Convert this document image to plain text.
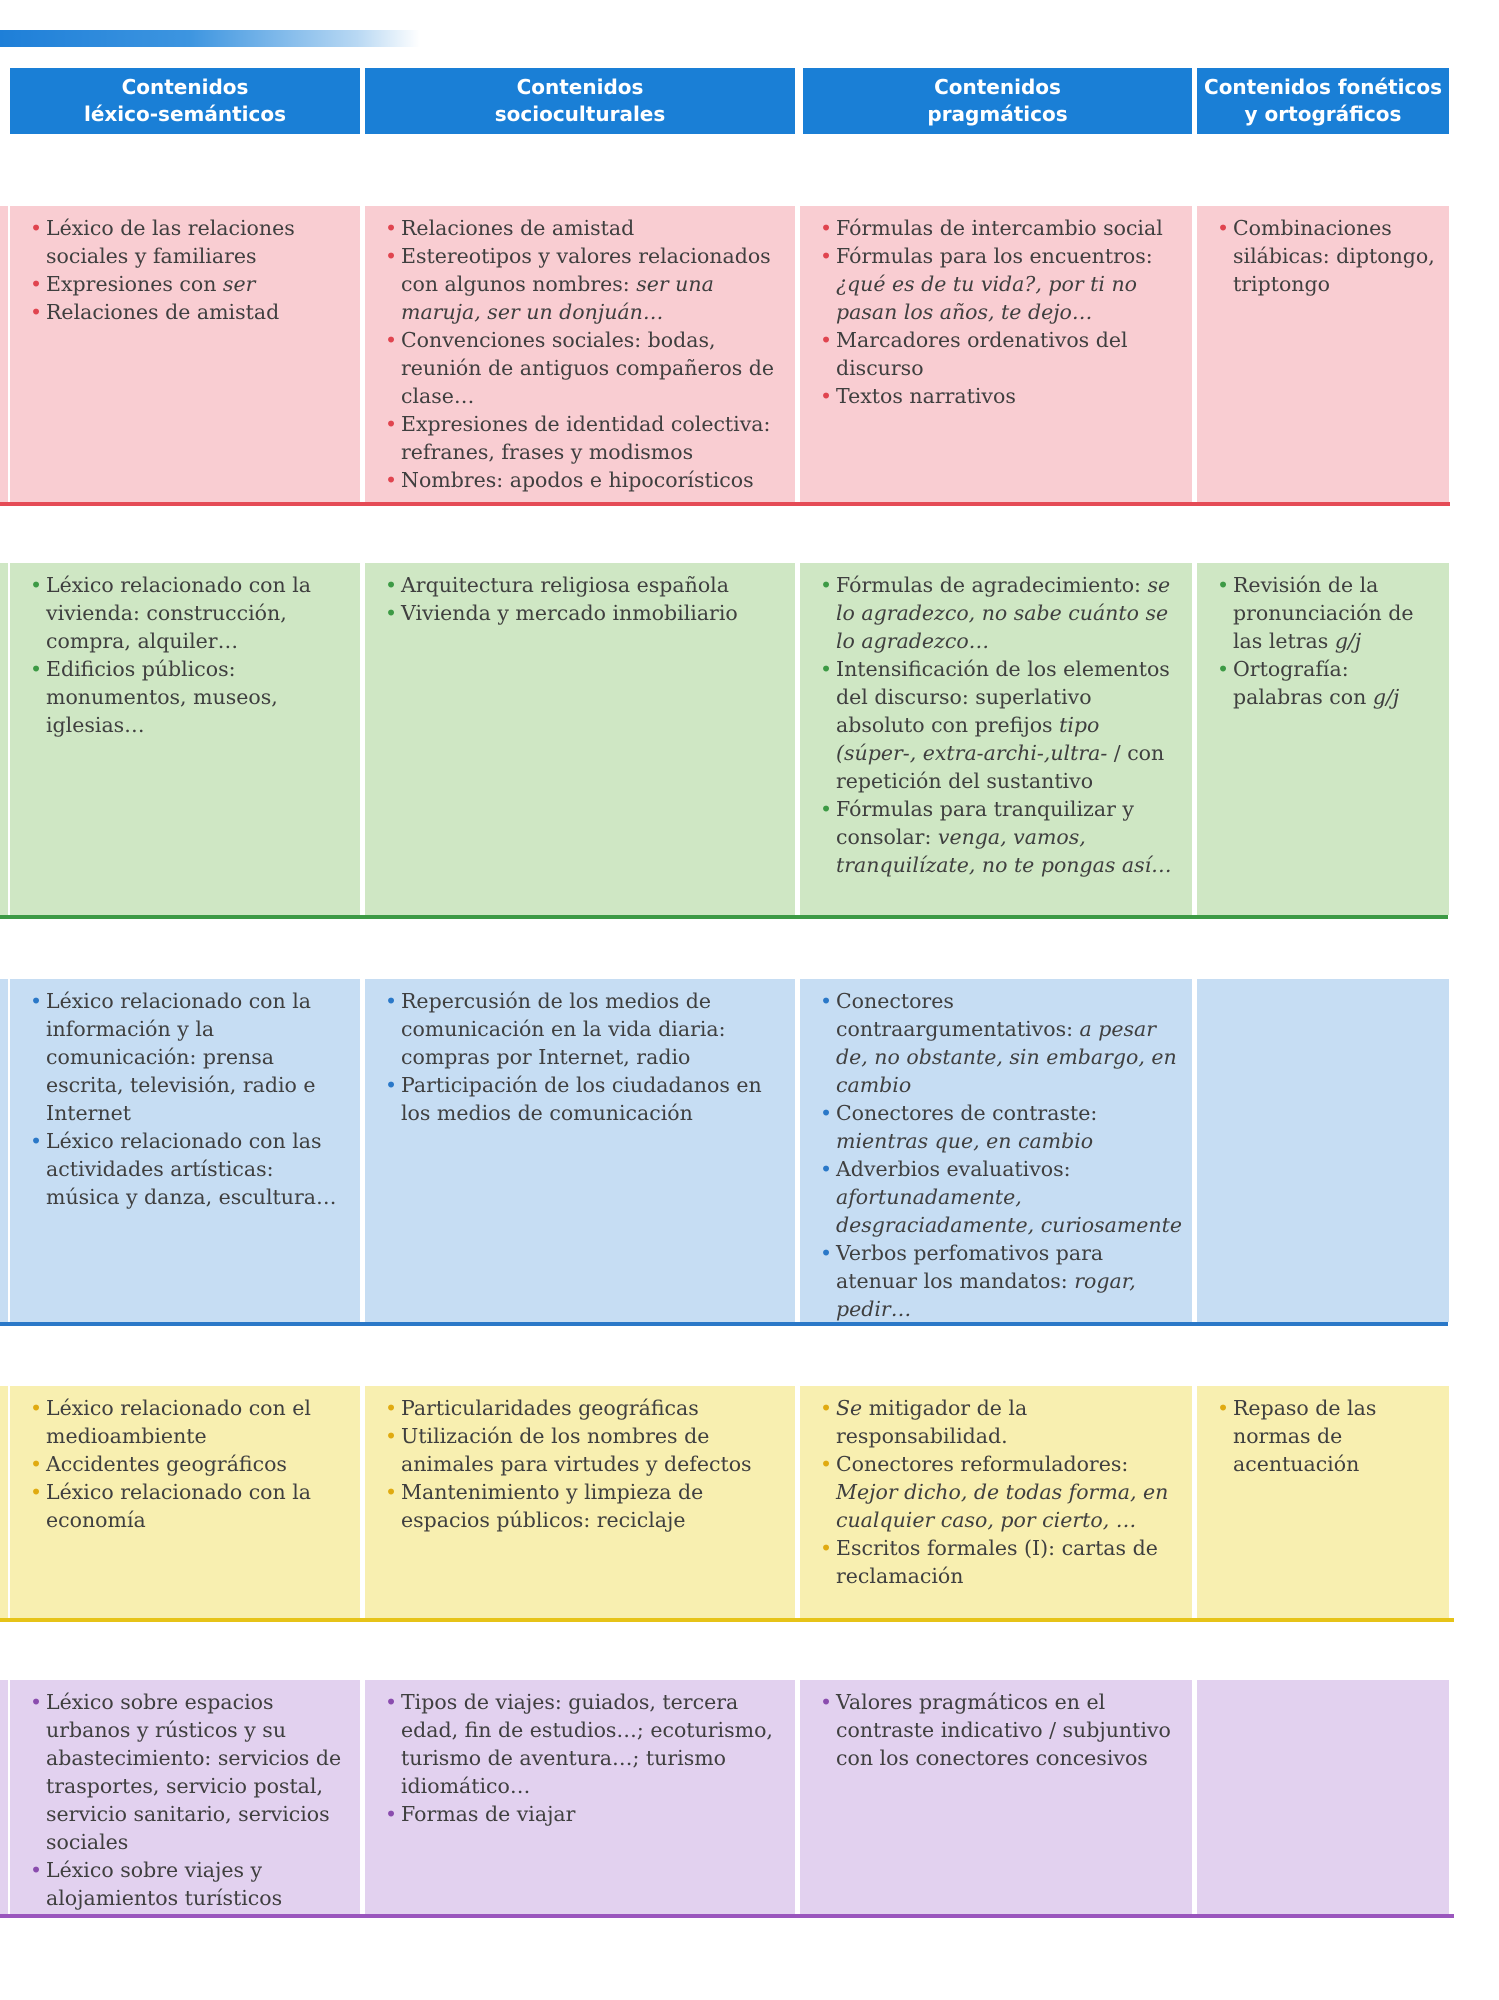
Contenidos
léxico-semánticos
Contenidos
socioculturales
Contenidos
pragmáticos
Contenidos fonéticos
y ortográficos
• Léxico de las relaciones sociales y familiares
• Expresiones con ser
• Relaciones de amistad
• Relaciones de amistad
• Estereotipos y valores relacionados con algunos nombres: ser una maruja, ser un donjuán…
• Convenciones sociales: bodas, reunión de antiguos compañeros de clase…
• Expresiones de identidad colectiva: refranes, frases y modismos
• Nombres: apodos e hipocorísticos
• Fórmulas de intercambio social
• Fórmulas para los encuentros: ¿qué es de tu vida?, por ti no pasan los años, te dejo…
• Marcadores ordenativos del discurso
• Textos narrativos
• Combinaciones silábicas: diptongo, triptongo
• Léxico relacionado con la vivienda: construcción, compra, alquiler…
• Edificios públicos: monumentos, museos, iglesias…
• Arquitectura religiosa española
• Vivienda y mercado inmobiliario
• Fórmulas de agradecimiento: se lo agradezco, no sabe cuánto se lo agradezco…
• Intensificación de los elementos del discurso: superlativo absoluto con prefijos tipo (súper-, extra-archi-,ultra- / con repetición del sustantivo
• Fórmulas para tranquilizar y consolar: venga, vamos, tranquilízate, no te pongas así…
• Revisión de la pronunciación de las letras g/j
• Ortografía: palabras con g/j
• Léxico relacionado con la información y la comunicación: prensa escrita, televisión, radio e Internet
• Léxico relacionado con las actividades artísticas: música y danza, escultura…
• Repercusión de los medios de comunicación en la vida diaria: compras por Internet, radio
• Participación de los ciudadanos en los medios de comunicación
• Conectores contraargumentativos: a pesar de, no obstante, sin embargo, en cambio
• Conectores de contraste: mientras que, en cambio
• Adverbios evaluativos: afortunadamente, desgraciadamente, curiosamente
• Verbos perfomativos para atenuar los mandatos: rogar, pedir…
• Léxico relacionado con el medioambiente
• Accidentes geográficos
• Léxico relacionado con la economía
• Particularidades geográficas
• Utilización de los nombres de animales para virtudes y defectos
• Mantenimiento y limpieza de espacios públicos: reciclaje
• Se mitigador de la responsabilidad.
• Conectores reformuladores: Mejor dicho, de todas forma, en cualquier caso, por cierto, …
• Escritos formales (I): cartas de reclamación
• Repaso de las normas de acentuación
• Léxico sobre espacios urbanos y rústicos y su abastecimiento: servicios de trasportes, servicio postal, servicio sanitario, servicios sociales
• Léxico sobre viajes y alojamientos turísticos
• Tipos de viajes: guiados, tercera edad, fin de estudios…; ecoturismo, turismo de aventura…; turismo idiomático…
• Formas de viajar
• Valores pragmáticos en el contraste indicativo / subjuntivo con los conectores concesivos
